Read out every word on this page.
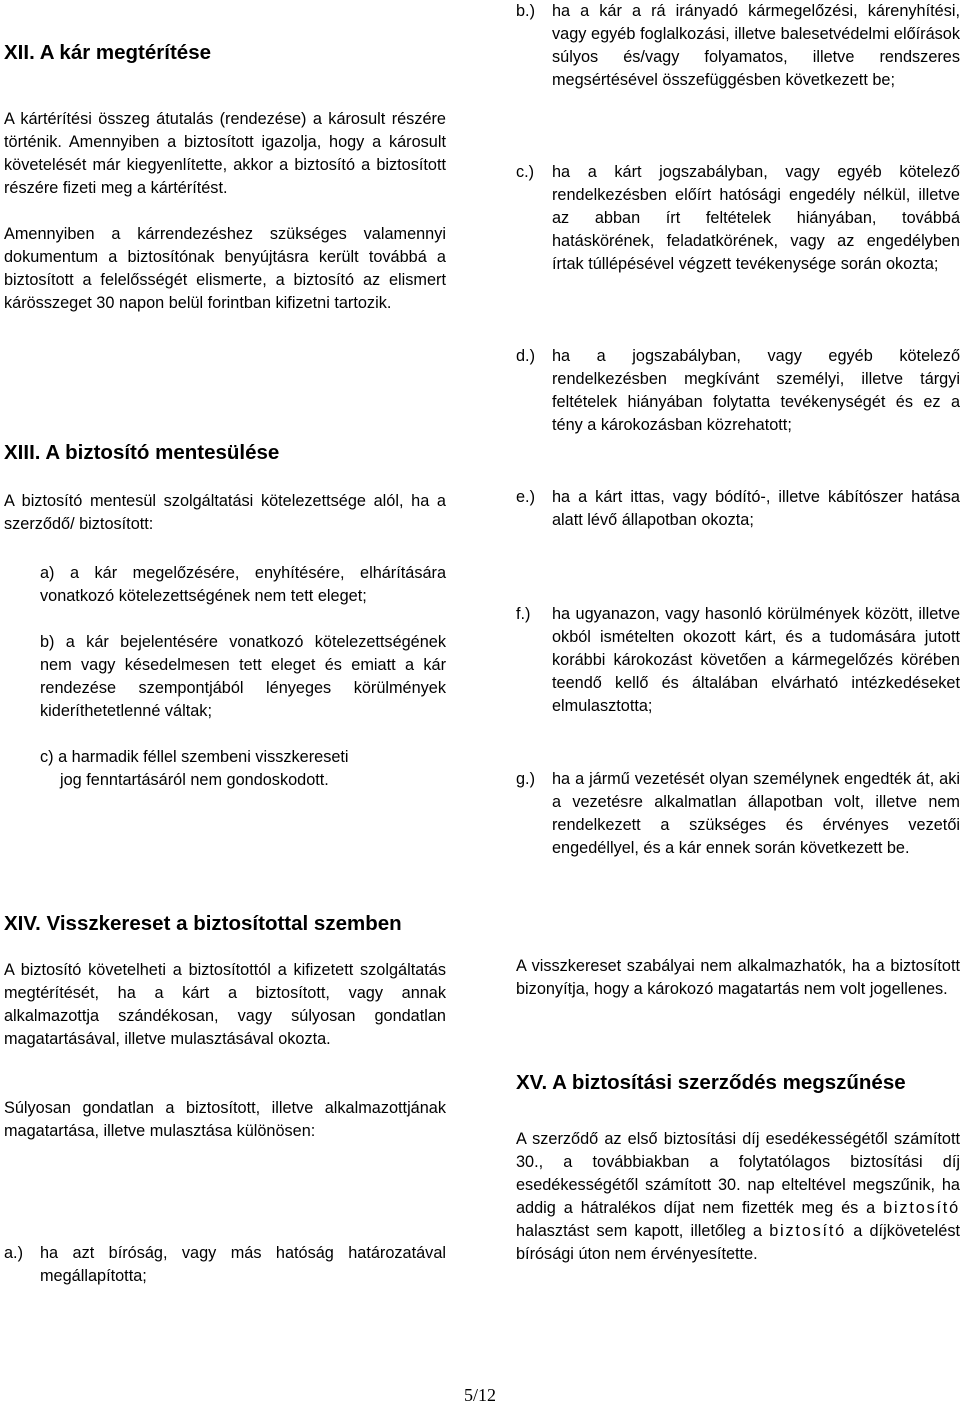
XII. A kár megtérítése

A kártérítési összeg átutalás (rendezése) a károsult részére történik. Amennyiben a biztosított igazolja, hogy a károsult követelését már kiegyenlítette, akkor a biztosító a biztosított részére fizeti meg a kártérítést.

Amennyiben a kárrendezéshez szükséges valamennyi dokumentum a biztosítónak benyújtásra került továbbá a biztosított a felelősségét elismerte, a biztosító az elismert kárösszeget 30 napon belül forintban kifizetni tartozik.

XIII. A biztosító mentesülése

A biztosító mentesül szolgáltatási kötelezettsége alól, ha a szerződő/ biztosított:

a) a kár megelőzésére, enyhítésére, elhárítására vonatkozó kötelezettségének nem tett eleget;

b) a kár bejelentésére vonatkozó kötelezettségének nem vagy késedelmesen tett eleget és emiatt a kár rendezése szempontjából lényeges körülmények kideríthetetlenné váltak;

c) a harmadik féllel szembeni visszkereseti
jog fenntartásáról nem gondoskodott.

b.) ha a kár a rá irányadó kármegelőzési, kárenyhítési, vagy egyéb foglalkozási, illetve balesetvédelmi előírások súlyos és/vagy folyamatos, illetve rendszeres megsértésével összefüggésben következett be;

c.) ha a kárt jogszabályban, vagy egyéb kötelező rendelkezésben előírt hatósági engedély nélkül, illetve az abban írt feltételek hiányában, továbbá hatáskörének, feladatkörének, vagy az engedélyben írtak túllépésével végzett tevékenysége során okozta;

d.) ha a jogszabályban, vagy egyéb kötelező rendelkezésben megkívánt személyi, illetve tárgyi feltételek hiányában folytatta tevékenységét és ez a tény a károkozásban közrehatott;

e.) ha a kárt ittas, vagy bódító-, illetve kábítószer hatása alatt lévő állapotban okozta;

f.) ha ugyanazon, vagy hasonló körülmények között, illetve okból ismételten okozott kárt, és a tudomására jutott korábbi károkozást követően a kármegelőzés körében teendő kellő és általában elvárható intézkedéseket elmulasztotta;

g.) ha a jármű vezetését olyan személynek engedték át, aki a vezetésre alkalmatlan állapotban volt, illetve nem rendelkezett a szükséges és érvényes vezetői engedéllyel, és a kár ennek során következett be.

XIV. Visszkereset a biztosítottal szemben

A biztosító követelheti a biztosítottól a kifizetett szolgáltatás megtérítését, ha a kárt a biztosított, vagy annak alkalmazottja szándékosan, vagy súlyosan gondatlan magatartásával, illetve mulasztásával okozta.

Súlyosan gondatlan a biztosított, illetve alkalmazottjának magatartása, illetve mulasztása különösen:

a.) ha azt bíróság, vagy más hatóság határozatával megállapította;

A visszkereset szabályai nem alkalmazhatók, ha a biztosított bizonyítja, hogy a károkozó magatartás nem volt jogellenes.

XV. A biztosítási szerződés megszűnése

A szerződő az első biztosítási díj esedékességétől számított 30., a továbbiakban a folytatólagos biztosítási díj esedékességétől számított 30. nap elteltével megszűnik, ha addig a hátralékos díjat nem fizették meg és a biztosító halasztást sem kapott, illetőleg a biztosító a díjkövetelést bírósági úton nem érvényesítette.

5/12
